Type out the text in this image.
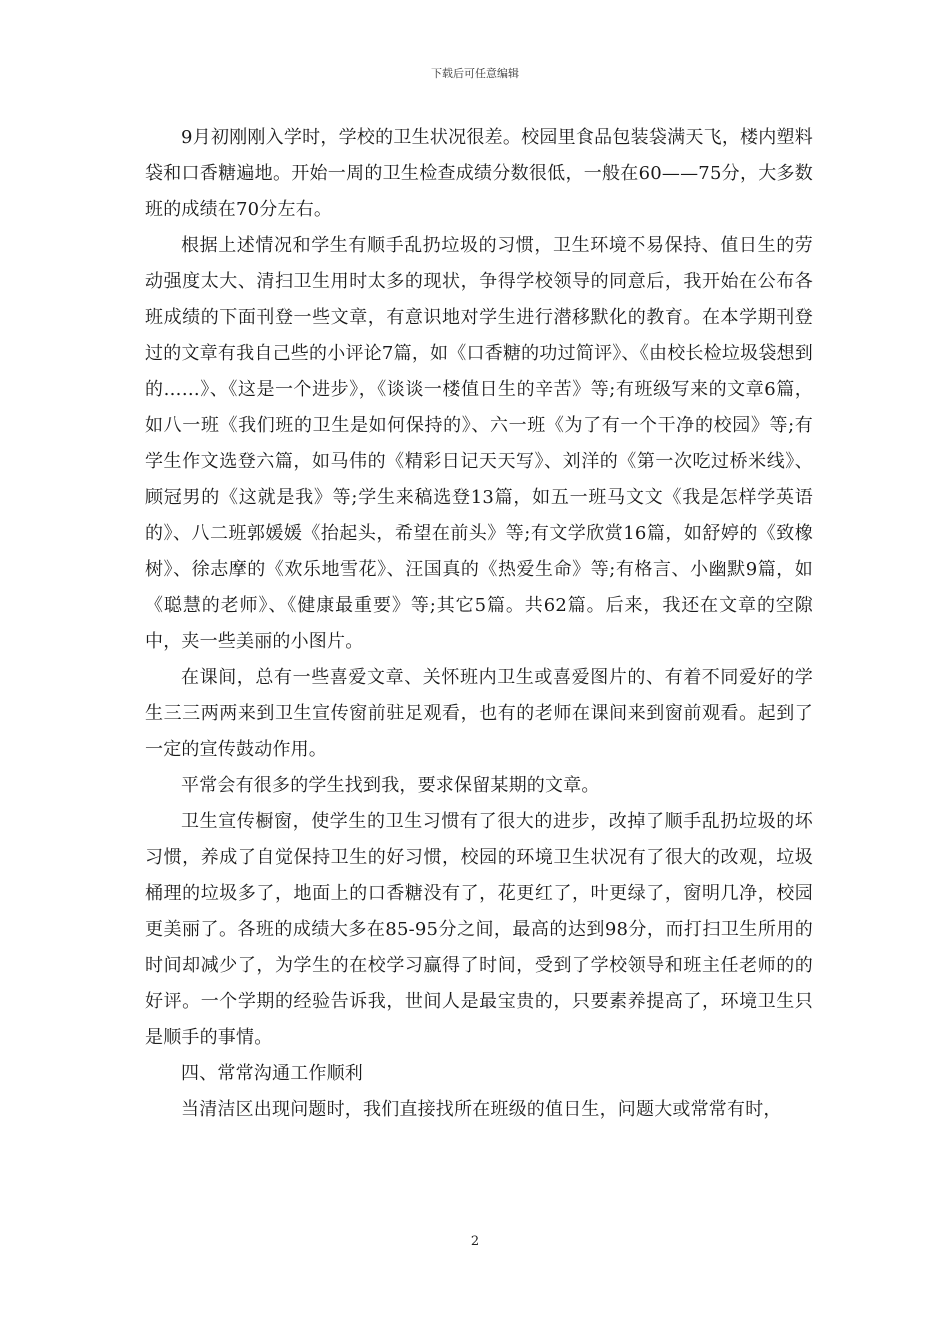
下载后可任意编辑

9月初刚刚入学时，学校的卫生状况很差。校园里食品包装袋满天飞，楼内塑料袋和口香糖遍地。开始一周的卫生检查成绩分数很低，一般在60——75分，大多数班的成绩在70分左右。

根据上述情况和学生有顺手乱扔垃圾的习惯，卫生环境不易保持、值日生的劳动强度太大、清扫卫生用时太多的现状，争得学校领导的同意后，我开始在公布各班成绩的下面刊登一些文章，有意识地对学生进行潜移默化的教育。在本学期刊登过的文章有我自己些的小评论7篇，如《口香糖的功过简评》、《由校长检垃圾袋想到的……》、《这是一个进步》，《谈谈一楼值日生的辛苦》等;有班级写来的文章6篇，如八一班《我们班的卫生是如何保持的》、六一班《为了有一个干净的校园》等;有学生作文选登六篇，如马伟的《精彩日记天天写》、刘洋的《第一次吃过桥米线》、顾冠男的《这就是我》等;学生来稿选登13篇，如五一班马文文《我是怎样学英语的》、八二班郭媛媛《抬起头，希望在前头》等;有文学欣赏16篇，如舒婷的《致橡树》、徐志摩的《欢乐地雪花》、汪国真的《热爱生命》等;有格言、小幽默9篇，如《聪慧的老师》、《健康最重要》等;其它5篇。共62篇。后来，我还在文章的空隙中，夹一些美丽的小图片。

在课间，总有一些喜爱文章、关怀班内卫生或喜爱图片的、有着不同爱好的学生三三两两来到卫生宣传窗前驻足观看，也有的老师在课间来到窗前观看。起到了一定的宣传鼓动作用。

平常会有很多的学生找到我，要求保留某期的文章。

卫生宣传橱窗，使学生的卫生习惯有了很大的进步，改掉了顺手乱扔垃圾的坏习惯，养成了自觉保持卫生的好习惯，校园的环境卫生状况有了很大的改观，垃圾桶理的垃圾多了，地面上的口香糖没有了，花更红了，叶更绿了，窗明几净，校园更美丽了。各班的成绩大多在85-95分之间，最高的达到98分，而打扫卫生所用的时间却减少了，为学生的在校学习赢得了时间，受到了学校领导和班主任老师的的好评。一个学期的经验告诉我，世间人是最宝贵的，只要素养提高了，环境卫生只是顺手的事情。

四、常常沟通工作顺利

当清洁区出现问题时，我们直接找所在班级的值日生，问题大或常常有时，

2
